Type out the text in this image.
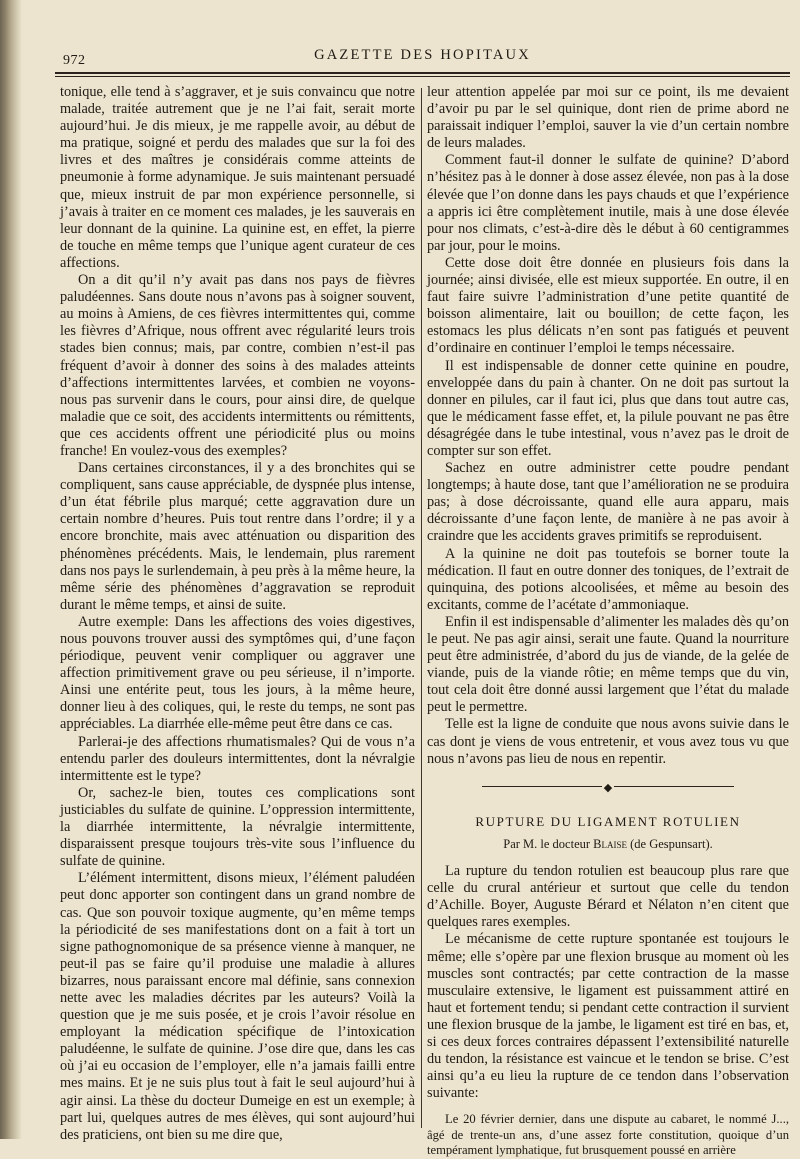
972	GAZETTE DES HOPITAUX

tonique, elle tend à s’aggraver, et je suis convaincu que notre malade, traitée autrement que je ne l’ai fait, serait morte aujourd’hui. Je dis mieux, je me rappelle avoir, au début de ma pratique, soigné et perdu des malades que sur la foi des livres et des maîtres je considérais comme atteints de pneumonie à forme adynamique. Je suis maintenant persuadé que, mieux instruit de par mon expérience personnelle, si j’avais à traiter en ce moment ces malades, je les sauverais en leur donnant de la quinine. La quinine est, en effet, la pierre de touche en même temps que l’unique agent curateur de ces affections.

On a dit qu’il n’y avait pas dans nos pays de fièvres paludéennes. Sans doute nous n’avons pas à soigner souvent, au moins à Amiens, de ces fièvres intermittentes qui, comme les fièvres d’Afrique, nous offrent avec régularité leurs trois stades bien connus; mais, par contre, combien n’est-il pas fréquent d’avoir à donner des soins à des malades atteints d’affections intermittentes larvées, et combien ne voyons-nous pas survenir dans le cours, pour ainsi dire, de quelque maladie que ce soit, des accidents intermittents ou rémittents, que ces accidents offrent une périodicité plus ou moins franche! En voulez-vous des exemples?

Dans certaines circonstances, il y a des bronchites qui se compliquent, sans cause appréciable, de dyspnée plus intense, d’un état fébrile plus marqué; cette aggravation dure un certain nombre d’heures. Puis tout rentre dans l’ordre; il y a encore bronchite, mais avec atténuation ou disparition des phénomènes précédents. Mais, le lendemain, plus rarement dans nos pays le surlendemain, à peu près à la même heure, la même série des phénomènes d’aggravation se reproduit durant le même temps, et ainsi de suite.

Autre exemple: Dans les affections des voies digestives, nous pouvons trouver aussi des symptômes qui, d’une façon périodique, peuvent venir compliquer ou aggraver une affection primitivement grave ou peu sérieuse, il n’importe. Ainsi une entérite peut, tous les jours, à la même heure, donner lieu à des coliques, qui, le reste du temps, ne sont pas appréciables. La diarrhée elle-même peut être dans ce cas.

Parlerai-je des affections rhumatismales? Qui de vous n’a entendu parler des douleurs intermittentes, dont la névralgie intermittente est le type?

Or, sachez-le bien, toutes ces complications sont justiciables du sulfate de quinine. L’oppression intermittente, la diarrhée intermittente, la névralgie intermittente, disparaissent presque toujours très-vite sous l’influence du sulfate de quinine.

L’élément intermittent, disons mieux, l’élément paludéen peut donc apporter son contingent dans un grand nombre de cas. Que son pouvoir toxique augmente, qu’en même temps la périodicité de ses manifestations dont on a fait à tort un signe pathognomonique de sa présence vienne à manquer, ne peut-il pas se faire qu’il produise une maladie à allures bizarres, nous paraissant encore mal définie, sans connexion nette avec les maladies décrites par les auteurs? Voilà la question que je me suis posée, et je crois l’avoir résolue en employant la médication spécifique de l’intoxication paludéenne, le sulfate de quinine. J’ose dire que, dans les cas où j’ai eu occasion de l’employer, elle n’a jamais failli entre mes mains. Et je ne suis plus tout à fait le seul aujourd’hui à agir ainsi. La thèse du docteur Dumeige en est un exemple; à part lui, quelques autres de mes élèves, qui sont aujourd’hui des praticiens, ont bien su me dire que,

leur attention appelée par moi sur ce point, ils me devaient d’avoir pu par le sel quinique, dont rien de prime abord ne paraissait indiquer l’emploi, sauver la vie d’un certain nombre de leurs malades.

Comment faut-il donner le sulfate de quinine? D’abord n’hésitez pas à le donner à dose assez élevée, non pas à la dose élevée que l’on donne dans les pays chauds et que l’expérience a appris ici être complètement inutile, mais à une dose élevée pour nos climats, c’est-à-dire dès le début à 60 centigrammes par jour, pour le moins.

Cette dose doit être donnée en plusieurs fois dans la journée; ainsi divisée, elle est mieux supportée. En outre, il en faut faire suivre l’administration d’une petite quantité de boisson alimentaire, lait ou bouillon; de cette façon, les estomacs les plus délicats n’en sont pas fatigués et peuvent d’ordinaire en continuer l’emploi le temps nécessaire.

Il est indispensable de donner cette quinine en poudre, enveloppée dans du pain à chanter. On ne doit pas surtout la donner en pilules, car il faut ici, plus que dans tout autre cas, que le médicament fasse effet, et, la pilule pouvant ne pas être désagrégée dans le tube intestinal, vous n’avez pas le droit de compter sur son effet.

Sachez en outre administrer cette poudre pendant longtemps; à haute dose, tant que l’amélioration ne se produira pas; à dose décroissante, quand elle aura apparu, mais décroissante d’une façon lente, de manière à ne pas avoir à craindre que les accidents graves primitifs se reproduisent.

A la quinine ne doit pas toutefois se borner toute la médication. Il faut en outre donner des toniques, de l’extrait de quinquina, des potions alcoolisées, et même au besoin des excitants, comme de l’acétate d’ammoniaque.

Enfin il est indispensable d’alimenter les malades dès qu’on le peut. Ne pas agir ainsi, serait une faute. Quand la nourriture peut être administrée, d’abord du jus de viande, de la gelée de viande, puis de la viande rôtie; en même temps que du vin, tout cela doit être donné aussi largement que l’état du malade peut le permettre.

Telle est la ligne de conduite que nous avons suivie dans le cas dont je viens de vous entretenir, et vous avez tous vu que nous n’avons pas lieu de nous en repentir.

◆
RUPTURE DU LIGAMENT ROTULIEN
Par M. le docteur Blaise (de Gespunsart).

La rupture du tendon rotulien est beaucoup plus rare que celle du crural antérieur et surtout que celle du tendon d’Achille. Boyer, Auguste Bérard et Nélaton n’en citent que quelques rares exemples.

Le mécanisme de cette rupture spontanée est toujours le même; elle s’opère par une flexion brusque au moment où les muscles sont contractés; par cette contraction de la masse musculaire extensive, le ligament est puissamment attiré en haut et fortement tendu; si pendant cette contraction il survient une flexion brusque de la jambe, le ligament est tiré en bas, et, si ces deux forces contraires dépassent l’extensibilité naturelle du tendon, la résistance est vaincue et le tendon se brise. C’est ainsi qu’a eu lieu la rupture de ce tendon dans l’observation suivante:

Le 20 février dernier, dans une dispute au cabaret, le nommé J..., âgé de trente-un ans, d’une assez forte constitution, quoique d’un tempérament lymphatique, fut brusquement poussé en arrière
